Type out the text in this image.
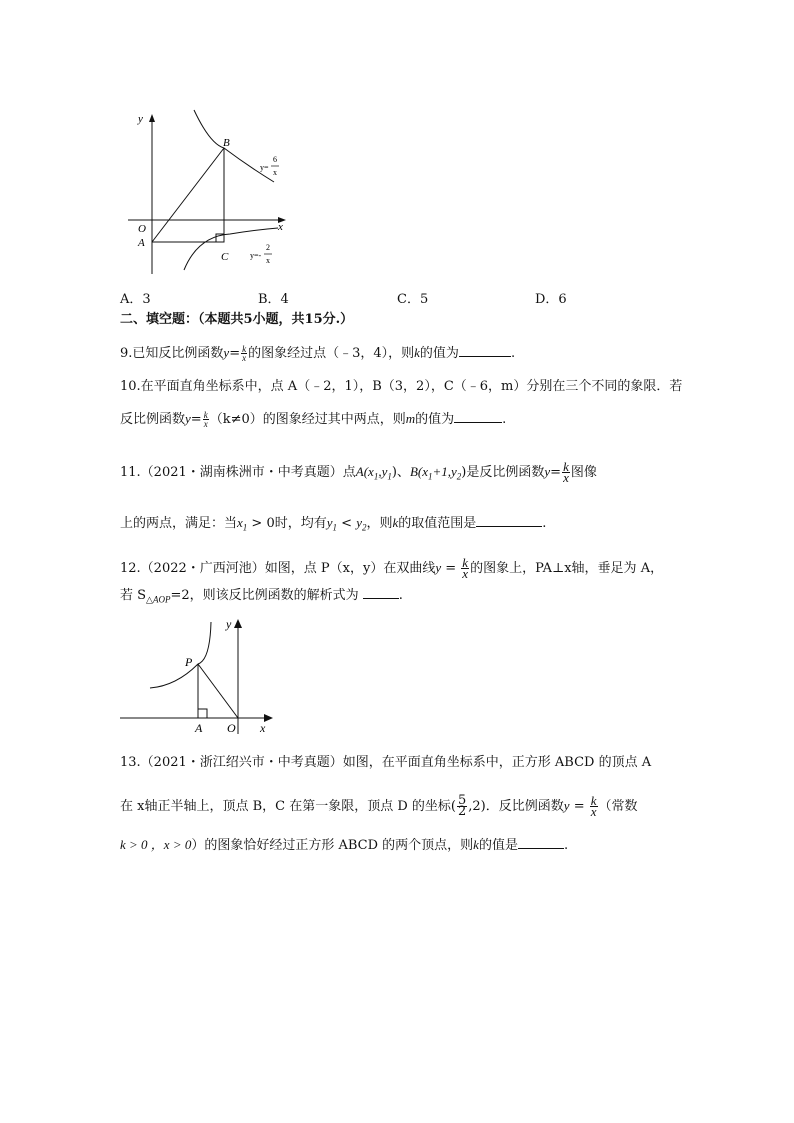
y
x
O
A
B
C
y=
6
x
y=-
2
x
A．3	B．4	C．5	D．6
二、填空题：（本题共5小题，共15分.）
9.已知反比例函数$y= \frac{k}{x}$ 的图象经过点（﹣3，4），则k的值为	.
10.在平面直角坐标系中，点 A（﹣2，1），B（3，2），C（﹣6，m）分别在三个不同的象限．若
反比例函数$y= \frac{k}{x} (k\ne 0)$的图象经过其中两点，则m的值为	.
11.（2021・湖南株洲市・中考真题）点$A(x_1,y_1)$、$B(x_1+1,y_2)$是反比例函数$y= \frac{k}{x}$ 图像
上的两点，满足：当$x_1 > 0$时，均有$y_1 < y_2$，则k的取值范围是	.
12.（2022・广西河池）如图，点 P（x，y）在双曲线$y = \frac{k}{x}$ 的图象上，PA⊥x轴，垂足为 A，
若 $S_{\triangle AOP}=2$，则该反比例函数的解析式为	.
y
x
P
A O
13.（2021・浙江绍兴市・中考真题）如图，在平面直角坐标系中，正方形 ABCD 的顶点 A
在 x轴正半轴上，顶点 B，C 在第一象限，顶点 D 的坐标( $\frac{5}{2} ,2$)．反比例函数$y = \frac{k}{x}$ （常数
k > 0 ，x > 0）的图象恰好经过正方形 ABCD 的两个顶点，则k的值是	.
